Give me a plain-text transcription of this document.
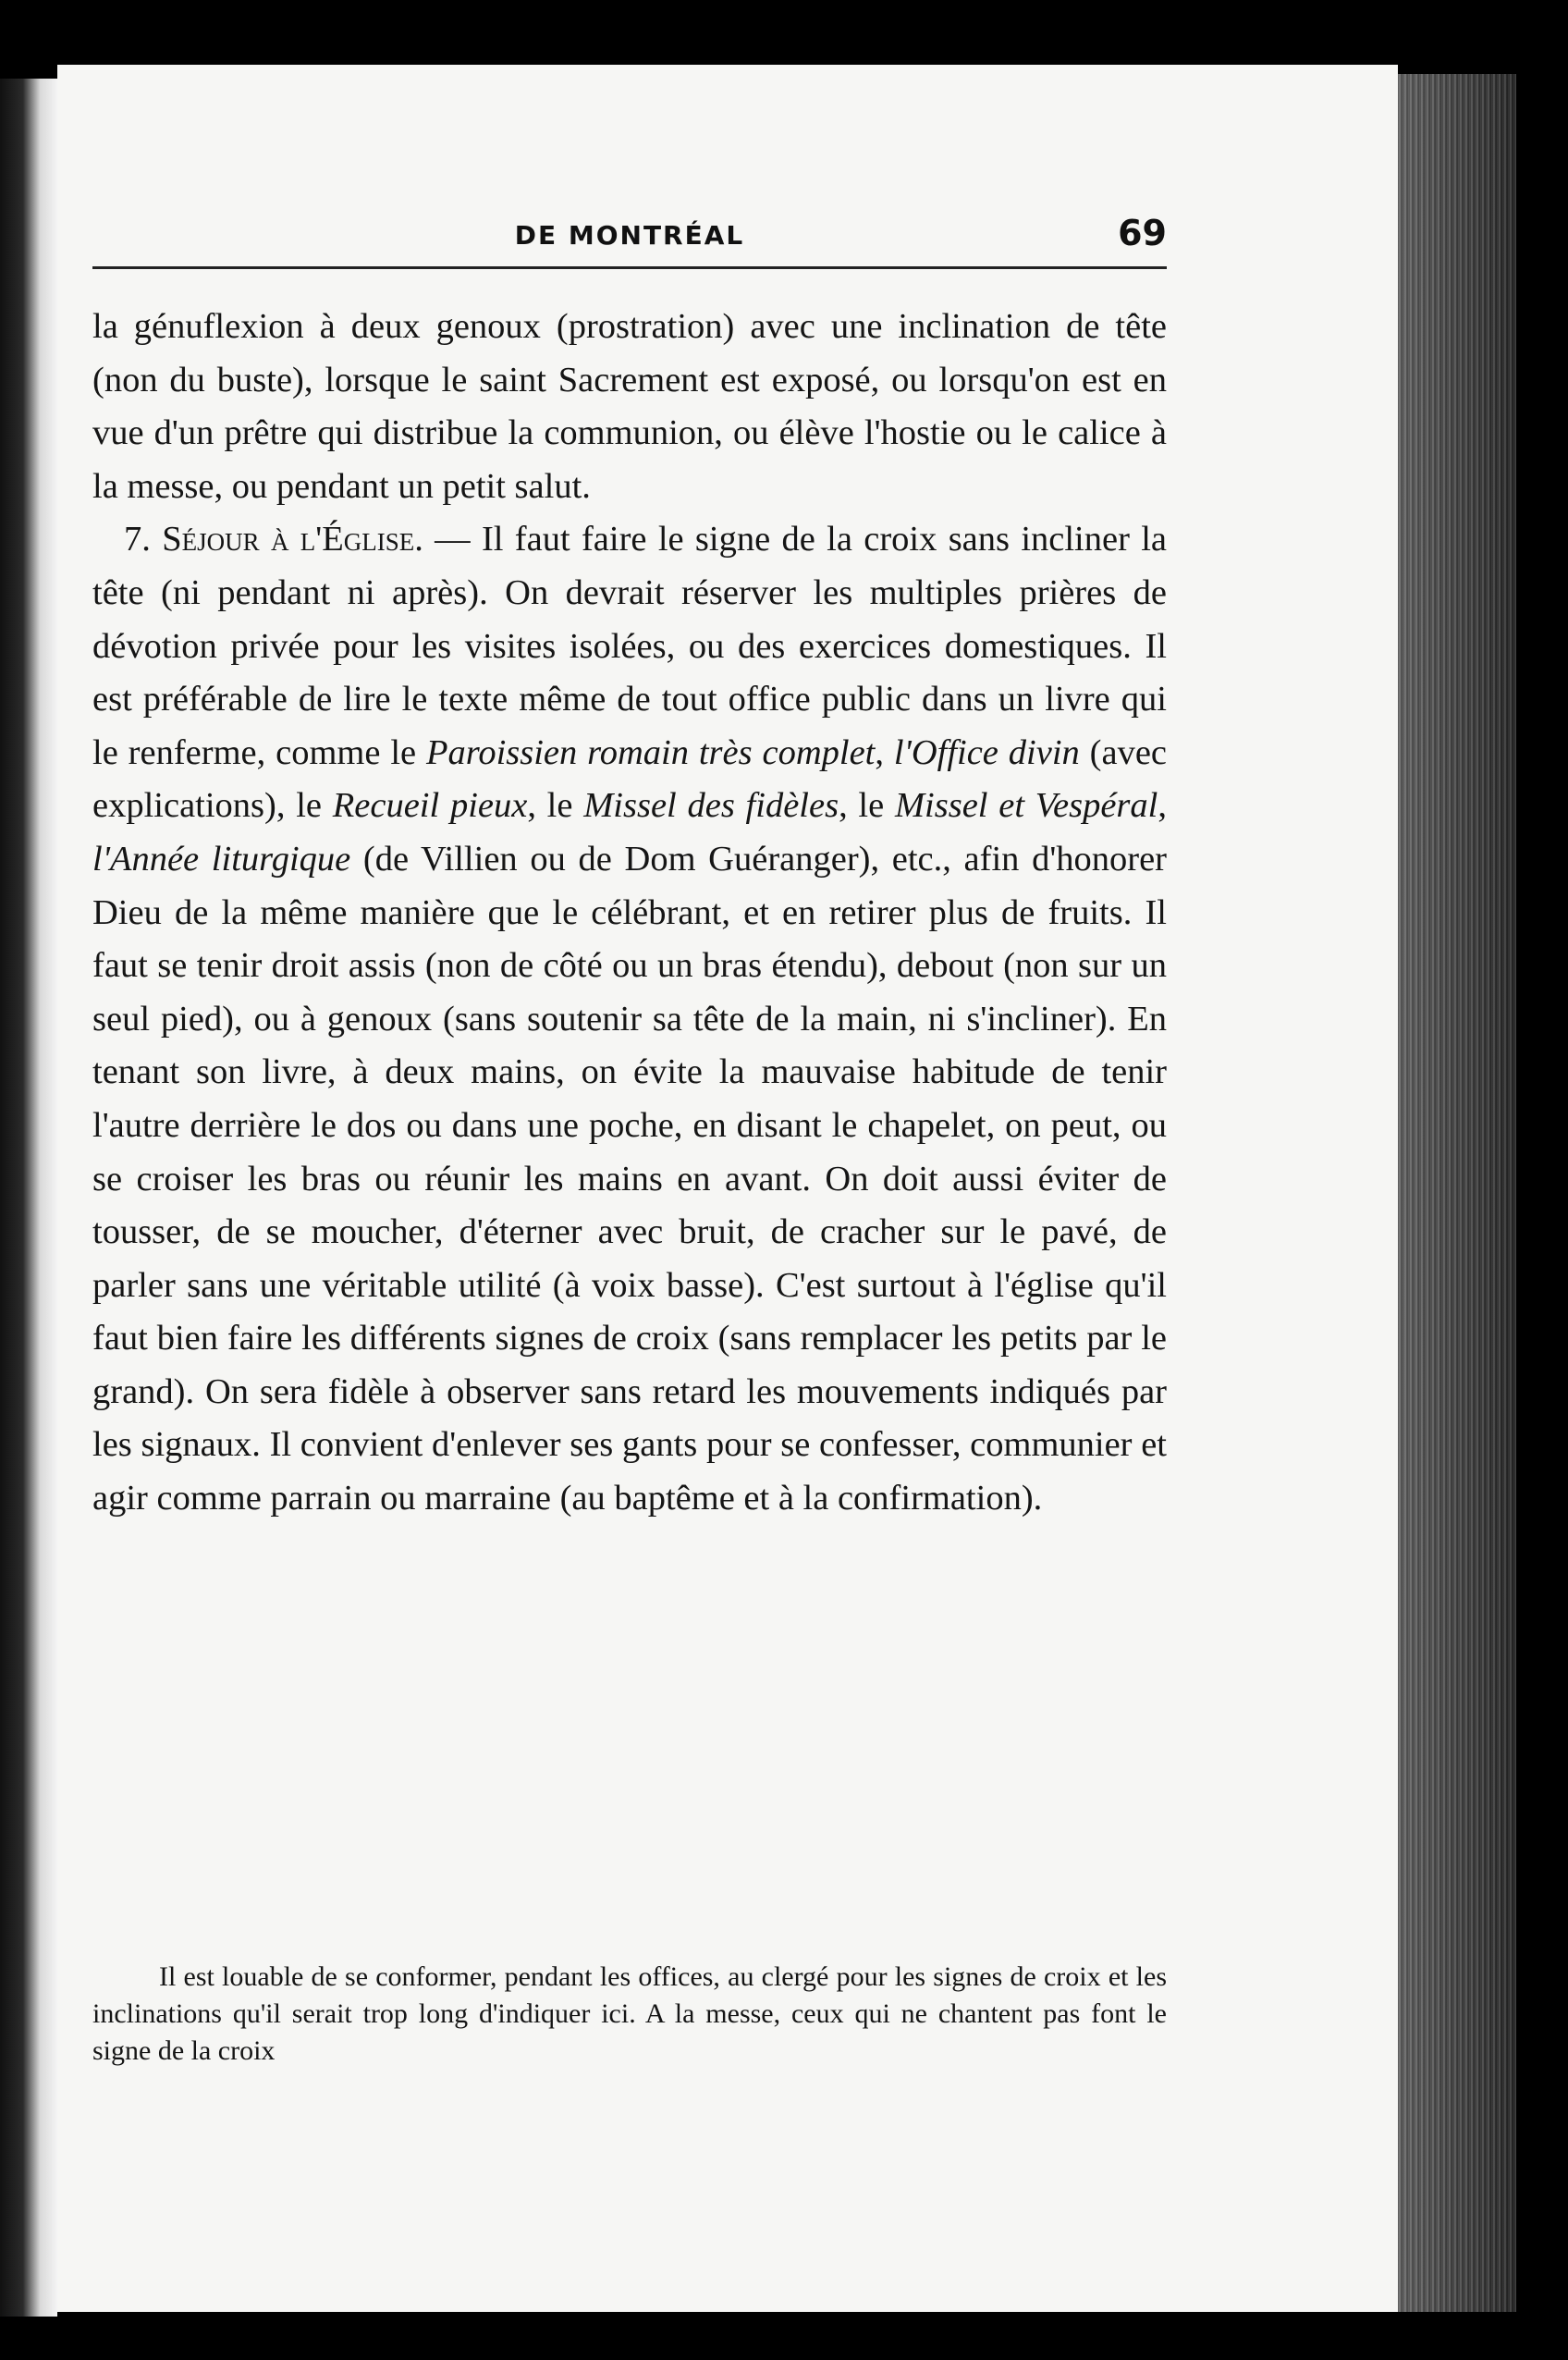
DE MONTRÉAL	69

la génuflexion à deux genoux (prostration) avec une inclination de tête (non du buste), lorsque le saint Sacrement est exposé, ou lorsqu'on est en vue d'un prêtre qui distribue la communion, ou élève l'hostie ou le calice à la messe, ou pendant un petit salut.

7. Séjour à l'Église. — Il faut faire le signe de la croix sans incliner la tête (ni pendant ni après). On devrait réserver les multiples prières de dévotion privée pour les visites isolées, ou des exercices domestiques. Il est préférable de lire le texte même de tout office public dans un livre qui le renferme, comme le Paroissien romain très complet, l'Office divin (avec explications), le Recueil pieux, le Missel des fidèles, le Missel et Vespéral, l'Année liturgique (de Villien ou de Dom Guéranger), etc., afin d'honorer Dieu de la même manière que le célébrant, et en retirer plus de fruits. Il faut se tenir droit assis (non de côté ou un bras étendu), debout (non sur un seul pied), ou à genoux (sans soutenir sa tête de la main, ni s'incliner). En tenant son livre, à deux mains, on évite la mauvaise habitude de tenir l'autre derrière le dos ou dans une poche, en disant le chapelet, on peut, ou se croiser les bras ou réunir les mains en avant. On doit aussi éviter de tousser, de se moucher, d'éterner avec bruit, de cracher sur le pavé, de parler sans une véritable utilité (à voix basse). C'est surtout à l'église qu'il faut bien faire les différents signes de croix (sans remplacer les petits par le grand). On sera fidèle à observer sans retard les mouvements indiqués par les signaux. Il convient d'enlever ses gants pour se confesser, communier et agir comme parrain ou marraine (au baptême et à la confirmation).

Il est louable de se conformer, pendant les offices, au clergé pour les signes de croix et les inclinations qu'il serait trop long d'indiquer ici. A la messe, ceux qui ne chantent pas font le signe de la croix
